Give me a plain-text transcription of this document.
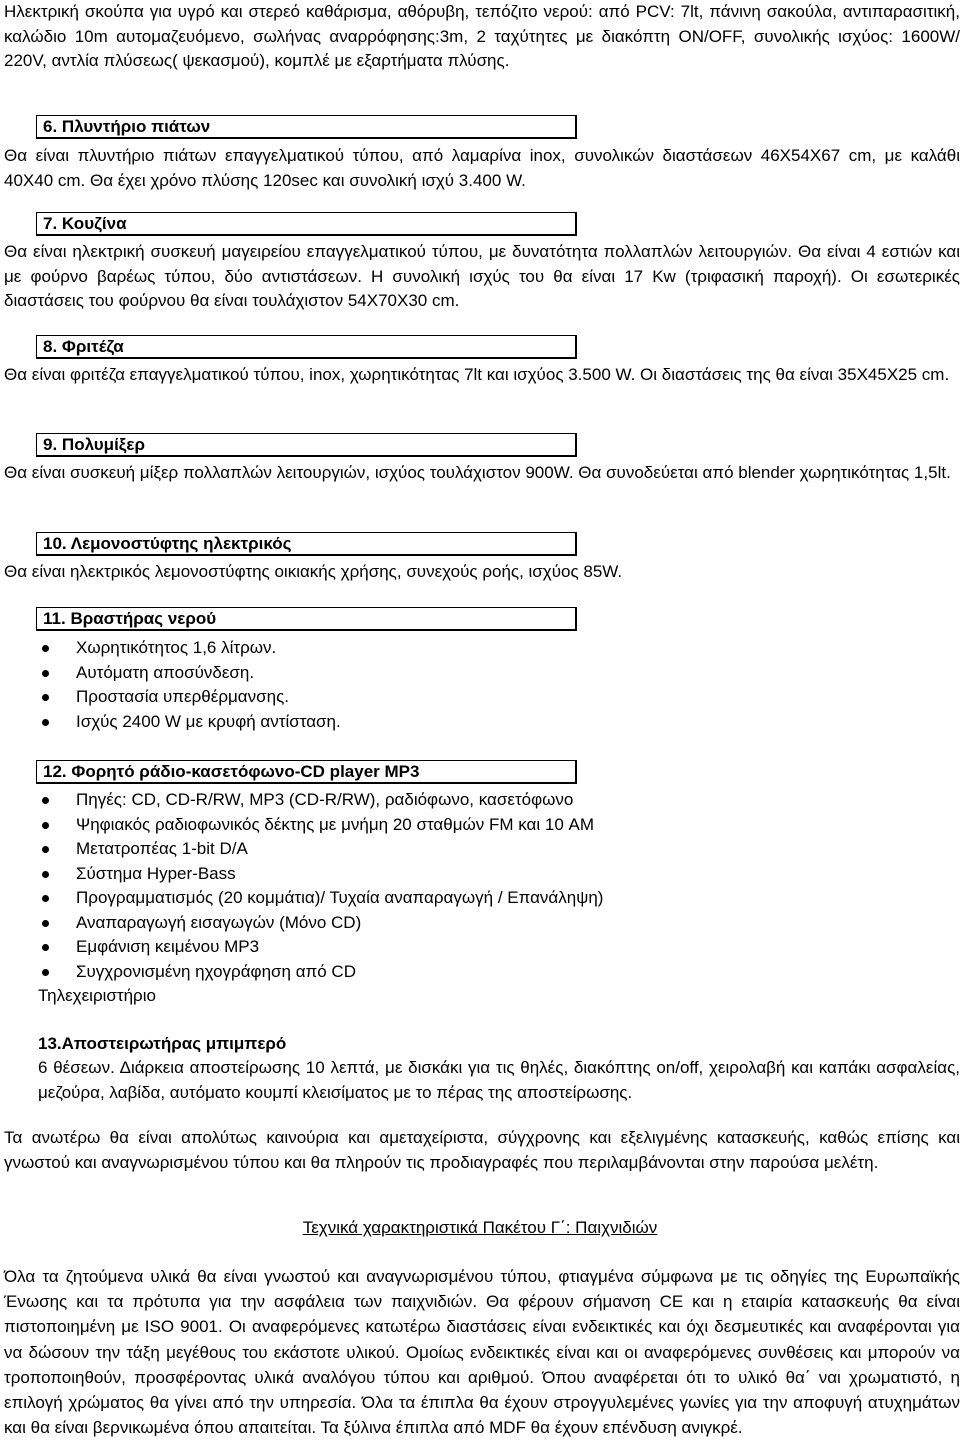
Ηλεκτρική σκούπα για υγρό και στερεό καθάρισμα, αθόρυβη, τεπόζιτο νερού: από PCV: 7lt, πάνινη σακούλα, αντιπαρασιτική, καλώδιο 10m αυτομαζευόμενο, σωλήνας αναρρόφησης:3m, 2 ταχύτητες με διακόπτη ON/OFF, συνολικής ισχύος: 1600W/ 220V, αντλία πλύσεως( ψεκασμού), κομπλέ με εξαρτήματα πλύσης.
6. Πλυντήριο πιάτων
Θα είναι πλυντήριο πιάτων επαγγελματικού τύπου, από λαμαρίνα inox, συνολικών διαστάσεων 46Χ54Χ67 cm, με καλάθι 40Χ40 cm. Θα έχει χρόνο πλύσης 120sec και συνολική ισχύ 3.400 W.
7. Κουζίνα
Θα είναι ηλεκτρική συσκευή μαγειρείου επαγγελματικού τύπου, με δυνατότητα πολλαπλών λειτουργιών. Θα είναι 4 εστιών και με φούρνο βαρέως τύπου, δύο αντιστάσεων. Η συνολική ισχύς του θα είναι 17 Kw (τριφασική παροχή). Οι εσωτερικές διαστάσεις του φούρνου θα είναι τουλάχιστον 54Χ70Χ30 cm.
8. Φριτέζα
Θα είναι φριτέζα επαγγελματικού τύπου, inox, χωρητικότητας 7lt και ισχύος 3.500 W. Οι διαστάσεις της θα είναι 35Χ45Χ25 cm.
9. Πολυμίξερ
Θα είναι συσκευή μίξερ πολλαπλών λειτουργιών, ισχύος τουλάχιστον 900W. Θα συνοδεύεται από blender χωρητικότητας 1,5lt.
10. Λεμονοστύφτης ηλεκτρικός
Θα είναι ηλεκτρικός λεμονοστύφτης οικιακής χρήσης, συνεχούς ροής, ισχύος 85W.
11. Βραστήρας νερού
Χωρητικότητος 1,6 λίτρων.
Αυτόματη αποσύνδεση.
Προστασία υπερθέρμανσης.
Ισχύς 2400 W με κρυφή αντίσταση.
12. Φορητό ράδιο-κασετόφωνο-CD player MP3
Πηγές: CD, CD-R/RW, MP3 (CD-R/RW), ραδιόφωνο, κασετόφωνο
Ψηφιακός ραδιοφωνικός δέκτης με μνήμη 20 σταθμών FM και 10 AM
Μετατροπέας 1-bit D/A
Σύστημα Hyper-Bass
Προγραμματισμός (20 κομμάτια)/ Τυχαία αναπαραγωγή / Επανάληψη)
Αναπαραγωγή εισαγωγών (Μόνο CD)
Εμφάνιση κειμένου MP3
Συγχρονισμένη ηχογράφηση από CD
Τηλεχειριστήριο
13.Αποστειρωτήρας μπιμπερό
6 θέσεων. Διάρκεια αποστείρωσης 10 λεπτά, με δισκάκι για τις θηλές, διακόπτης on/off, χειρολαβή και καπάκι ασφαλείας, μεζούρα, λαβίδα, αυτόματο κουμπί κλεισίματος με το πέρας της αποστείρωσης.
Τα ανωτέρω θα είναι απολύτως καινούρια και αμεταχείριστα, σύγχρονης και εξελιγμένης κατασκευής, καθώς επίσης και γνωστού και αναγνωρισμένου τύπου και θα πληρούν τις προδιαγραφές που περιλαμβάνονται στην παρούσα μελέτη.
Τεχνικά χαρακτηριστικά Πακέτου Γ΄: Παιχνιδιών
Όλα τα ζητούμενα υλικά θα είναι γνωστού και αναγνωρισμένου τύπου, φτιαγμένα σύμφωνα με τις οδηγίες της Ευρωπαϊκής Ένωσης και τα πρότυπα για την ασφάλεια των παιχνιδιών. Θα φέρουν σήμανση CE και η εταιρία κατασκευής θα είναι πιστοποιημένη με ISO 9001. Οι αναφερόμενες κατωτέρω διαστάσεις είναι ενδεικτικές και όχι δεσμευτικές και αναφέρονται για να δώσουν την τάξη μεγέθους του εκάστοτε υλικού. Ομοίως ενδεικτικές είναι και οι αναφερόμενες συνθέσεις και μπορούν να τροποποιηθούν, προσφέροντας υλικά αναλόγου τύπου και αριθμού. Όπου αναφέρεται ότι το υλικό θα΄ ναι χρωματιστό, η επιλογή χρώματος θα γίνει από την υπηρεσία. Όλα τα έπιπλα θα έχουν στρογγυλεμένες γωνίες για την αποφυγή ατυχημάτων και θα είναι βερνικωμένα όπου απαιτείται. Τα ξύλινα έπιπλα από MDF θα έχουν επένδυση ανιγκρέ.
